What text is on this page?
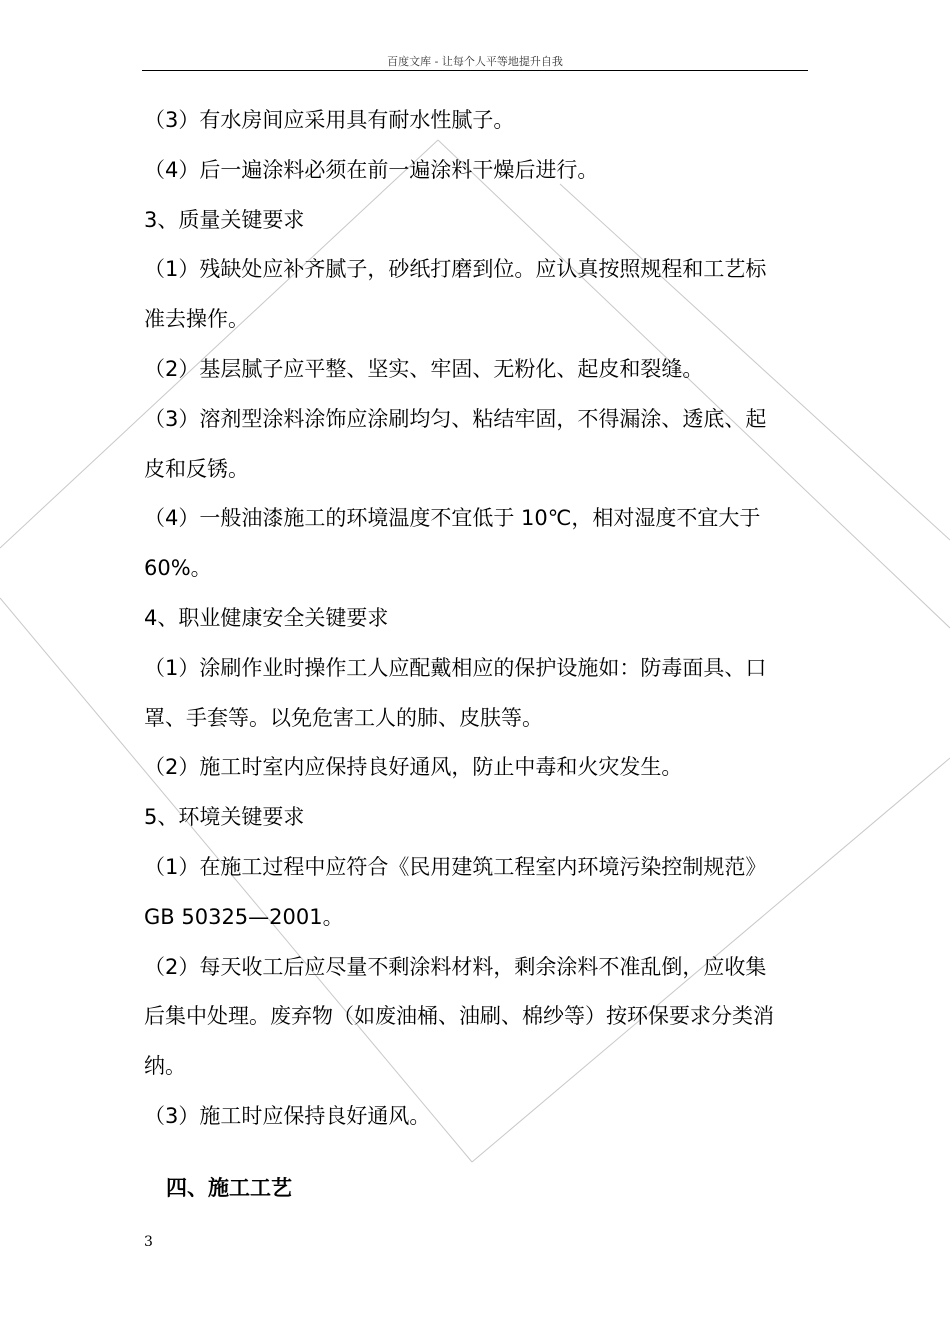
百度文库 - 让每个人平等地提升自我

（3）有水房间应采用具有耐水性腻子。

（4）后一遍涂料必须在前一遍涂料干燥后进行。

3、质量关键要求

（1）残缺处应补齐腻子，砂纸打磨到位。应认真按照规程和工艺标

准去操作。

（2）基层腻子应平整、坚实、牢固、无粉化、起皮和裂缝。

（3）溶剂型涂料涂饰应涂刷均匀、粘结牢固，不得漏涂、透底、起

皮和反锈。

（4）一般油漆施工的环境温度不宜低于 10℃，相对湿度不宜大于

60%。

4、职业健康安全关键要求

（1）涂刷作业时操作工人应配戴相应的保护设施如：防毒面具、口

罩、手套等。以免危害工人的肺、皮肤等。

（2）施工时室内应保持良好通风，防止中毒和火灾发生。

5、环境关键要求

（1）在施工过程中应符合《民用建筑工程室内环境污染控制规范》

GB 50325—2001。

（2）每天收工后应尽量不剩涂料材料，剩余涂料不准乱倒，应收集

后集中处理。废弃物（如废油桶、油刷、棉纱等）按环保要求分类消

纳。

（3）施工时应保持良好通风。

四、施工工艺
3
